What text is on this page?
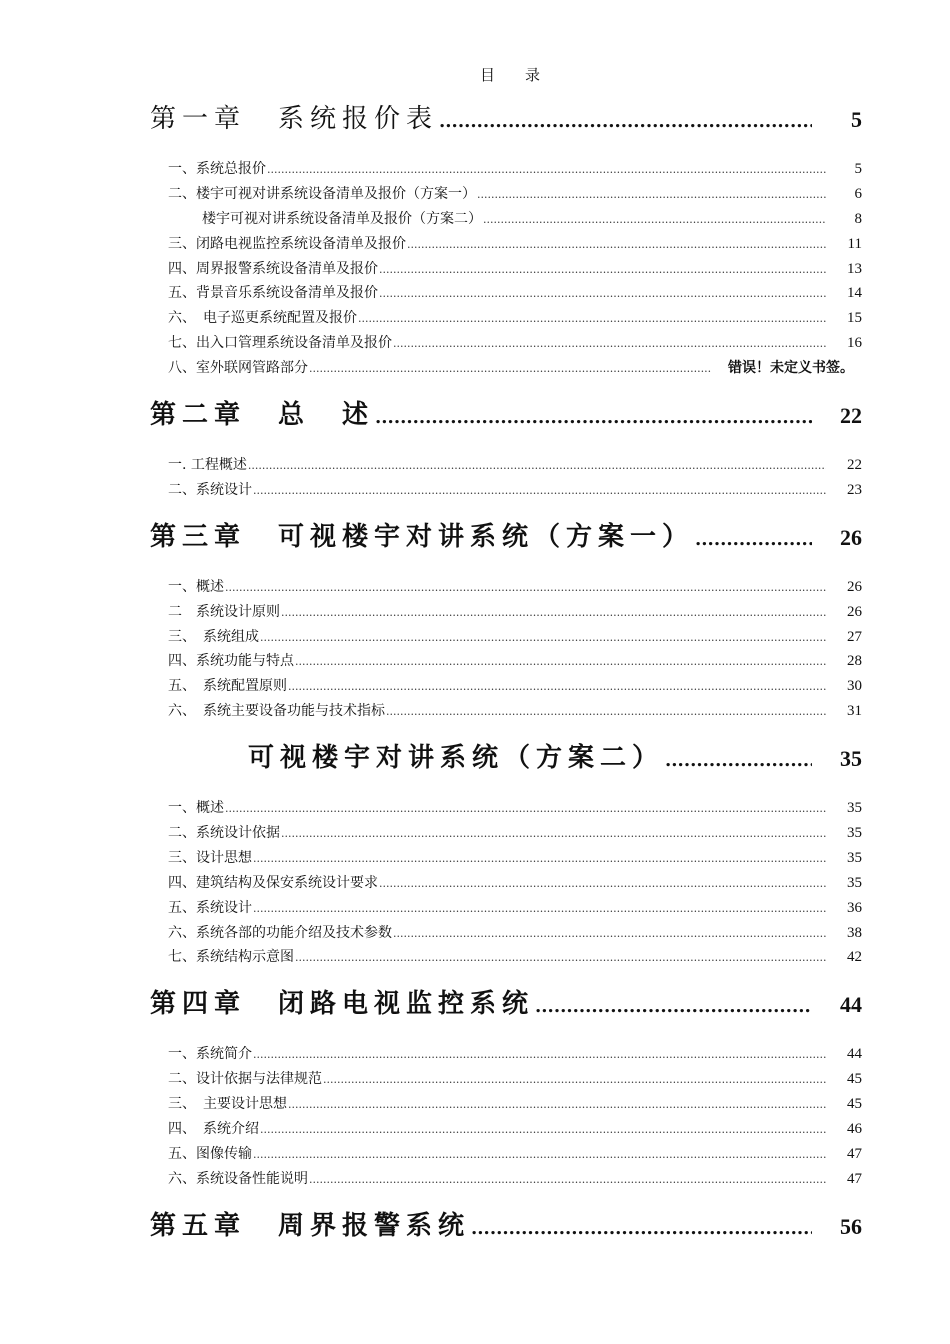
目　　录
第一章　系统报价表 .....	5
一、系统总报价 .....	5
二、楼宇可视对讲系统设备清单及报价（方案一） .....	6
楼宇可视对讲系统设备清单及报价（方案二） .....	8
三、闭路电视监控系统设备清单及报价 .....	11
四、周界报警系统设备清单及报价 .....	13
五、背景音乐系统设备清单及报价 .....	14
六、　电子巡更系统配置及报价 .....	15
七、出入口管理系统设备清单及报价 .....	16
八、室外联网管路部分 .....	错误！未定义书签。
第二章　总　述 .....	22
一. 工程概述 .....	22
二、系统设计 .....	23
第三章　可视楼宇对讲系统（方案一） .....	26
一、概述 .....	26
二　系统设计原则 .....	26
三、　系统组成 .....	27
四、系统功能与特点 .....	28
五、　系统配置原则 .....	30
六、　系统主要设备功能与技术指标 .....	31
可视楼宇对讲系统（方案二） .....	35
一、概述 .....	35
二、系统设计依据 .....	35
三、设计思想 .....	35
四、建筑结构及保安系统设计要求 .....	35
五、系统设计 .....	36
六、系统各部的功能介绍及技术参数 .....	38
七、系统结构示意图 .....	42
第四章　闭路电视监控系统 .....	44
一、系统简介 .....	44
二、设计依据与法律规范 .....	45
三、　主要设计思想 .....	45
四、　系统介绍 .....	46
五、图像传输 .....	47
六、系统设备性能说明 .....	47
第五章　周界报警系统 .....	56
